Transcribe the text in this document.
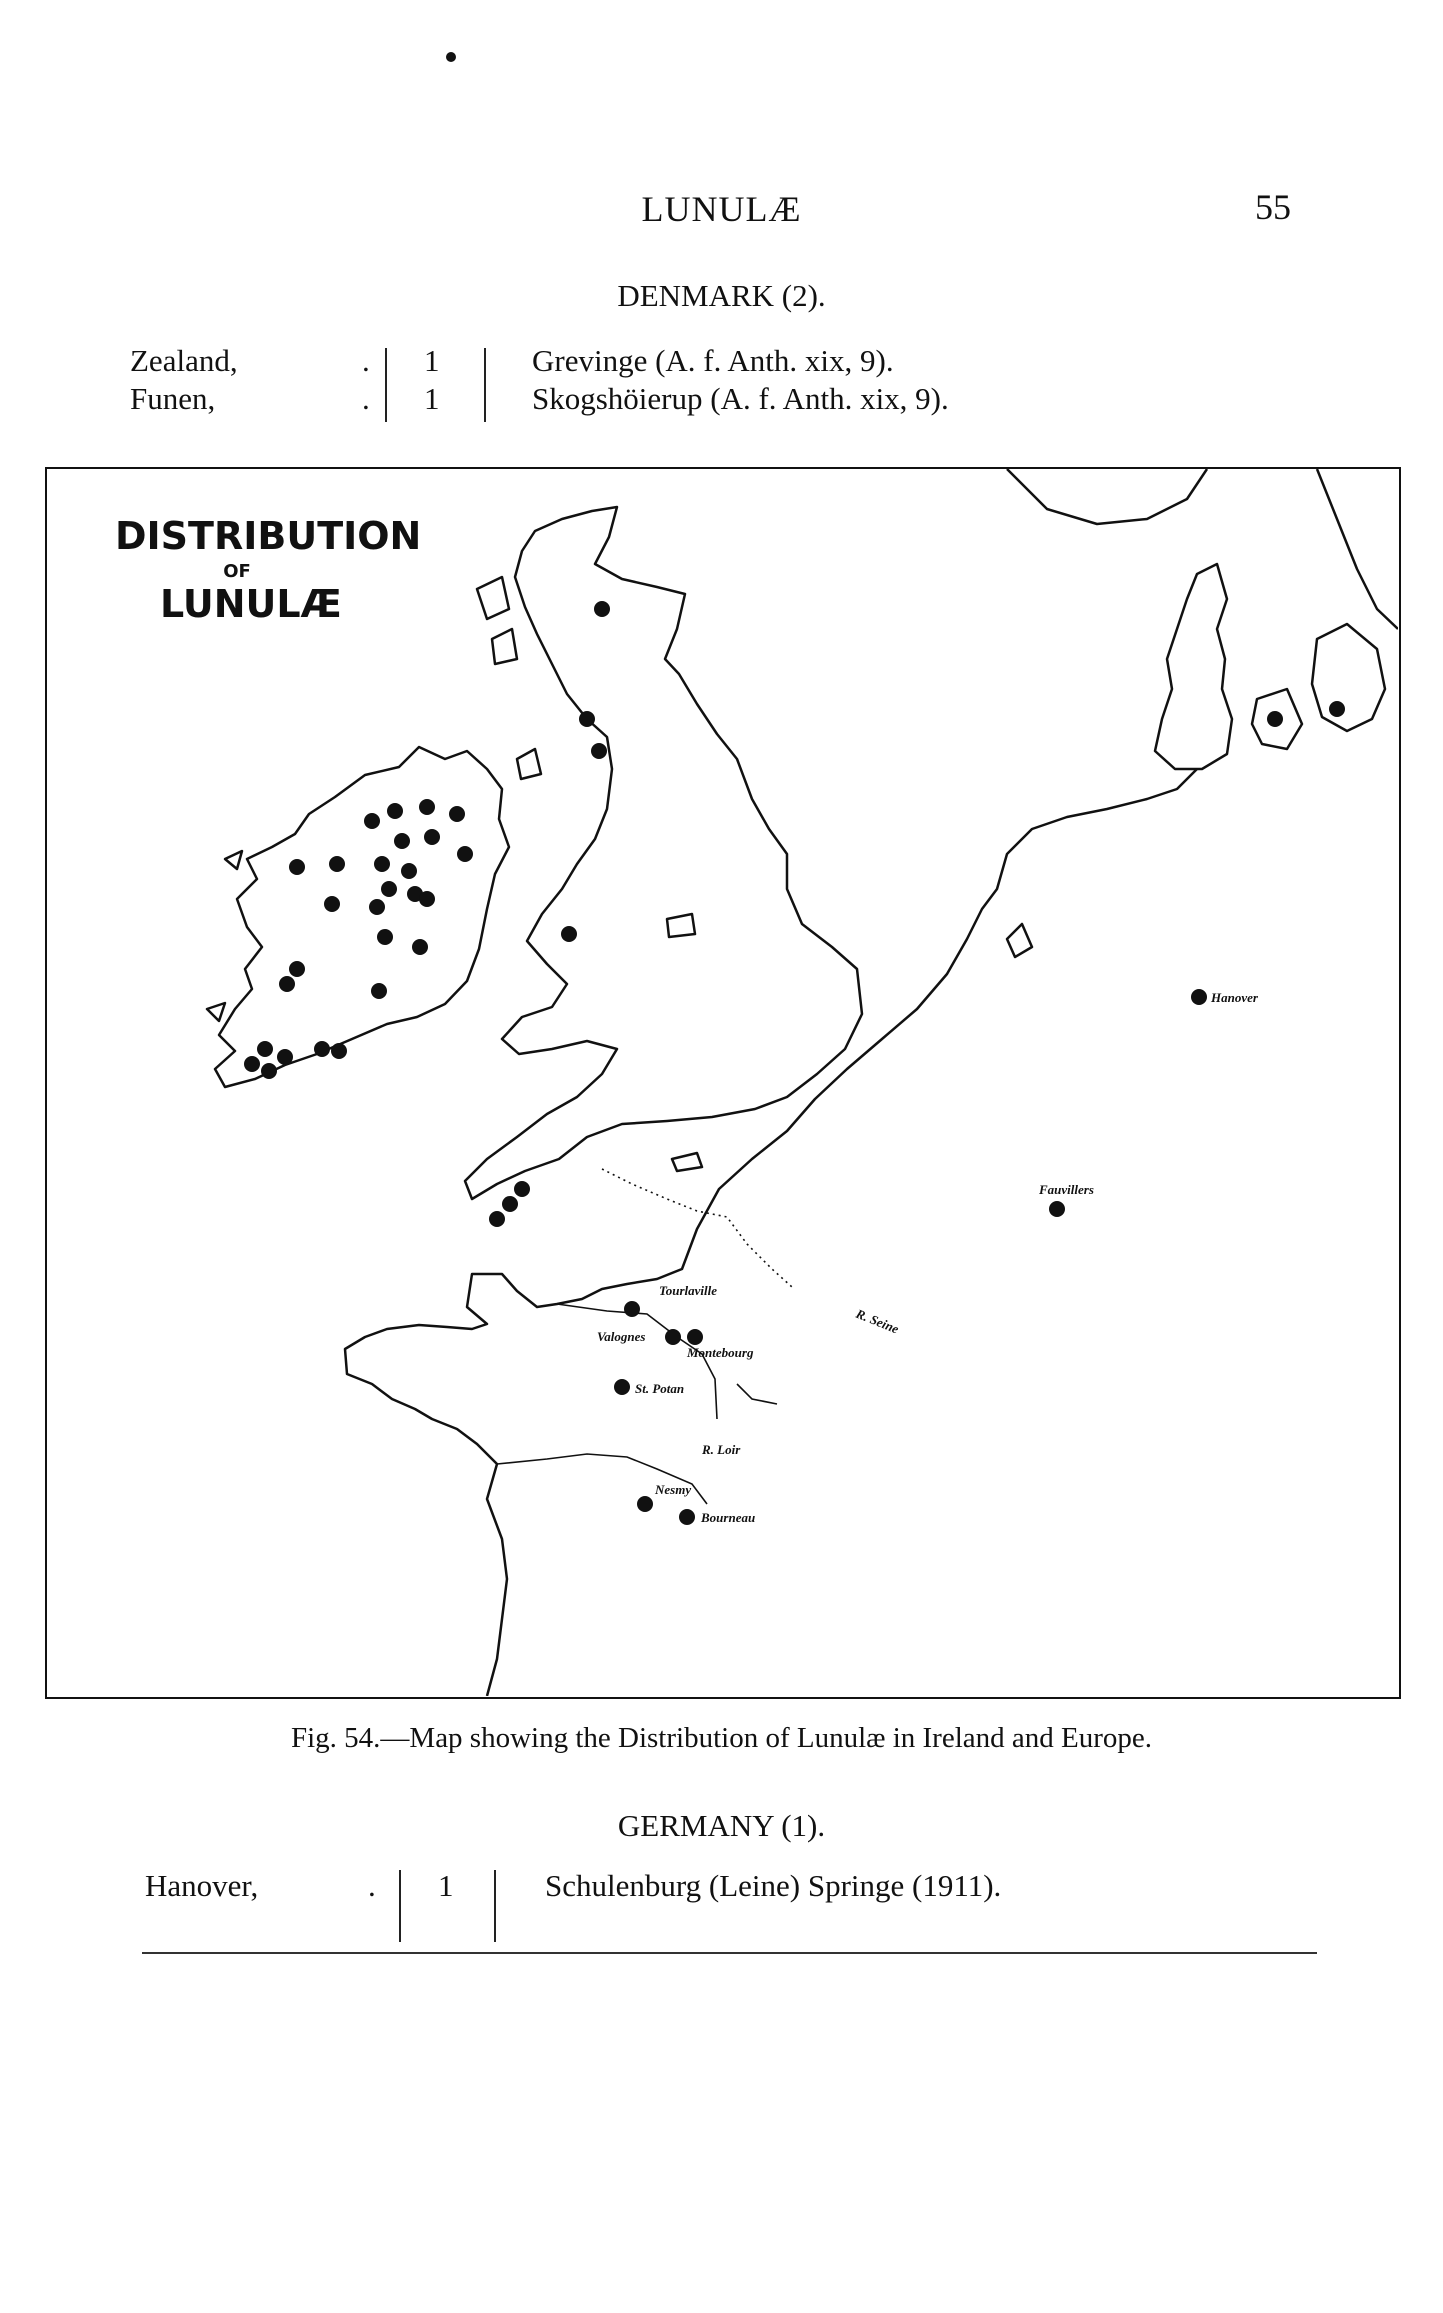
LUNULÆ	55
DENMARK (2).
Zealand,	. 1	Grevinge (A. f. Anth. xix, 9).
Funen,	. 1	Skogshöierup (A. f. Anth. xix, 9).
DISTRIBUTION
OF
LUNULÆ
Hanover
Fauvillers
Tourlaville
Valognes
Montebourg
St. Potan
R. Seine
R. Loir
Nesmy
Bourneau
Fig. 54.—Map showing the Distribution of Lunulæ in Ireland and Europe.
GERMANY (1).
Hanover,	. 1	Schulenburg (Leine) Springe (1911).
